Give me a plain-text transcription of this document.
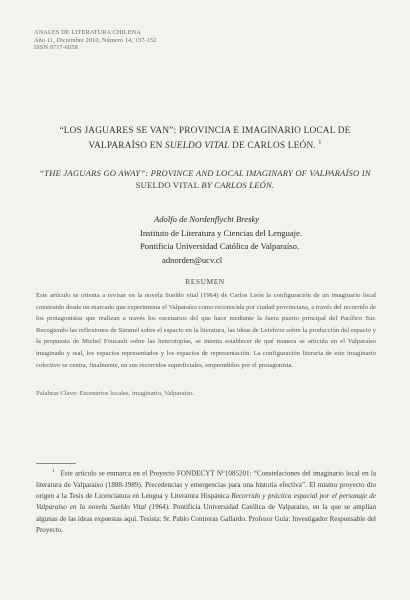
ANALES DE LITERATURA CHILENA
Año 11, Diciembre 2010, Número 14, 137-152
ISSN 0717-6058
“LOS JAGUARES SE VAN”: PROVINCIA E IMAGINARIO LOCAL DE VALPARAÍSO EN SUELDO VITAL DE CARLOS LEÓN. $^1$
“THE JAGUARS GO AWAY”: PROVINCE AND LOCAL IMAGINARY OF VALPARAÍSO IN SUELDO VITAL BY CARLOS LEÓN.
Adolfo de Nordenflycht Bresky
Instituto de Literatura y Ciencias del Lenguaje.
Pontificia Universidad Católica de Valparaíso.
adnorden@ucv.cl
RESUMEN

Este artículo se orienta a revisar en la novela Sueldo vital (1964) de Carlos León la configuración de un imaginario local construido desde un marcado que experimenta el Valparaíso como reconocida por ciudad provinciana, a través del recorrido de los protagonistas que realizan a través los escenarios del que hace mediante la fuera puerto principal del Pacífico Sur. Recogiendo las reflexiones de Simmel sobre el espacio en la literatura, las ideas de Lefebvre sobre la producción del espacio y la propuesta de Michel Foucault sobre las heterotopías, se intenta establecer de qué manera se articula en el Valparaíso imaginado y real, los espacios representados y los espacios de representación. La configuración literaria de este imaginario colectivo se centra, finalmente, en sus recorridos superficiales, emprendidos por el protagonista.

Palabras Clave: Escenarios locales, imaginario, Valparaíso.

$^1$ Este artículo se enmarca en el Proyecto FONDECYT N°1085201: “Constelaciones del imaginario local en la literatura de Valparaíso (1888-1989). Precedencias y emergencias para una historia efectiva”. El mismo proyecto dio origen a la Tesis de Licenciatura en Lengua y Literatura Hispánica Recorrido y práctica espacial por el personaje de Valparaíso en la novela Sueldo Vital (1964). Pontificia Universidad Católica de Valparaíso, en la que se amplían algunas de las ideas expuestas aquí. Tesista: Sr. Pablo Contreras Gallardo. Profesor Guía: Investigador Responsable del Proyecto.
